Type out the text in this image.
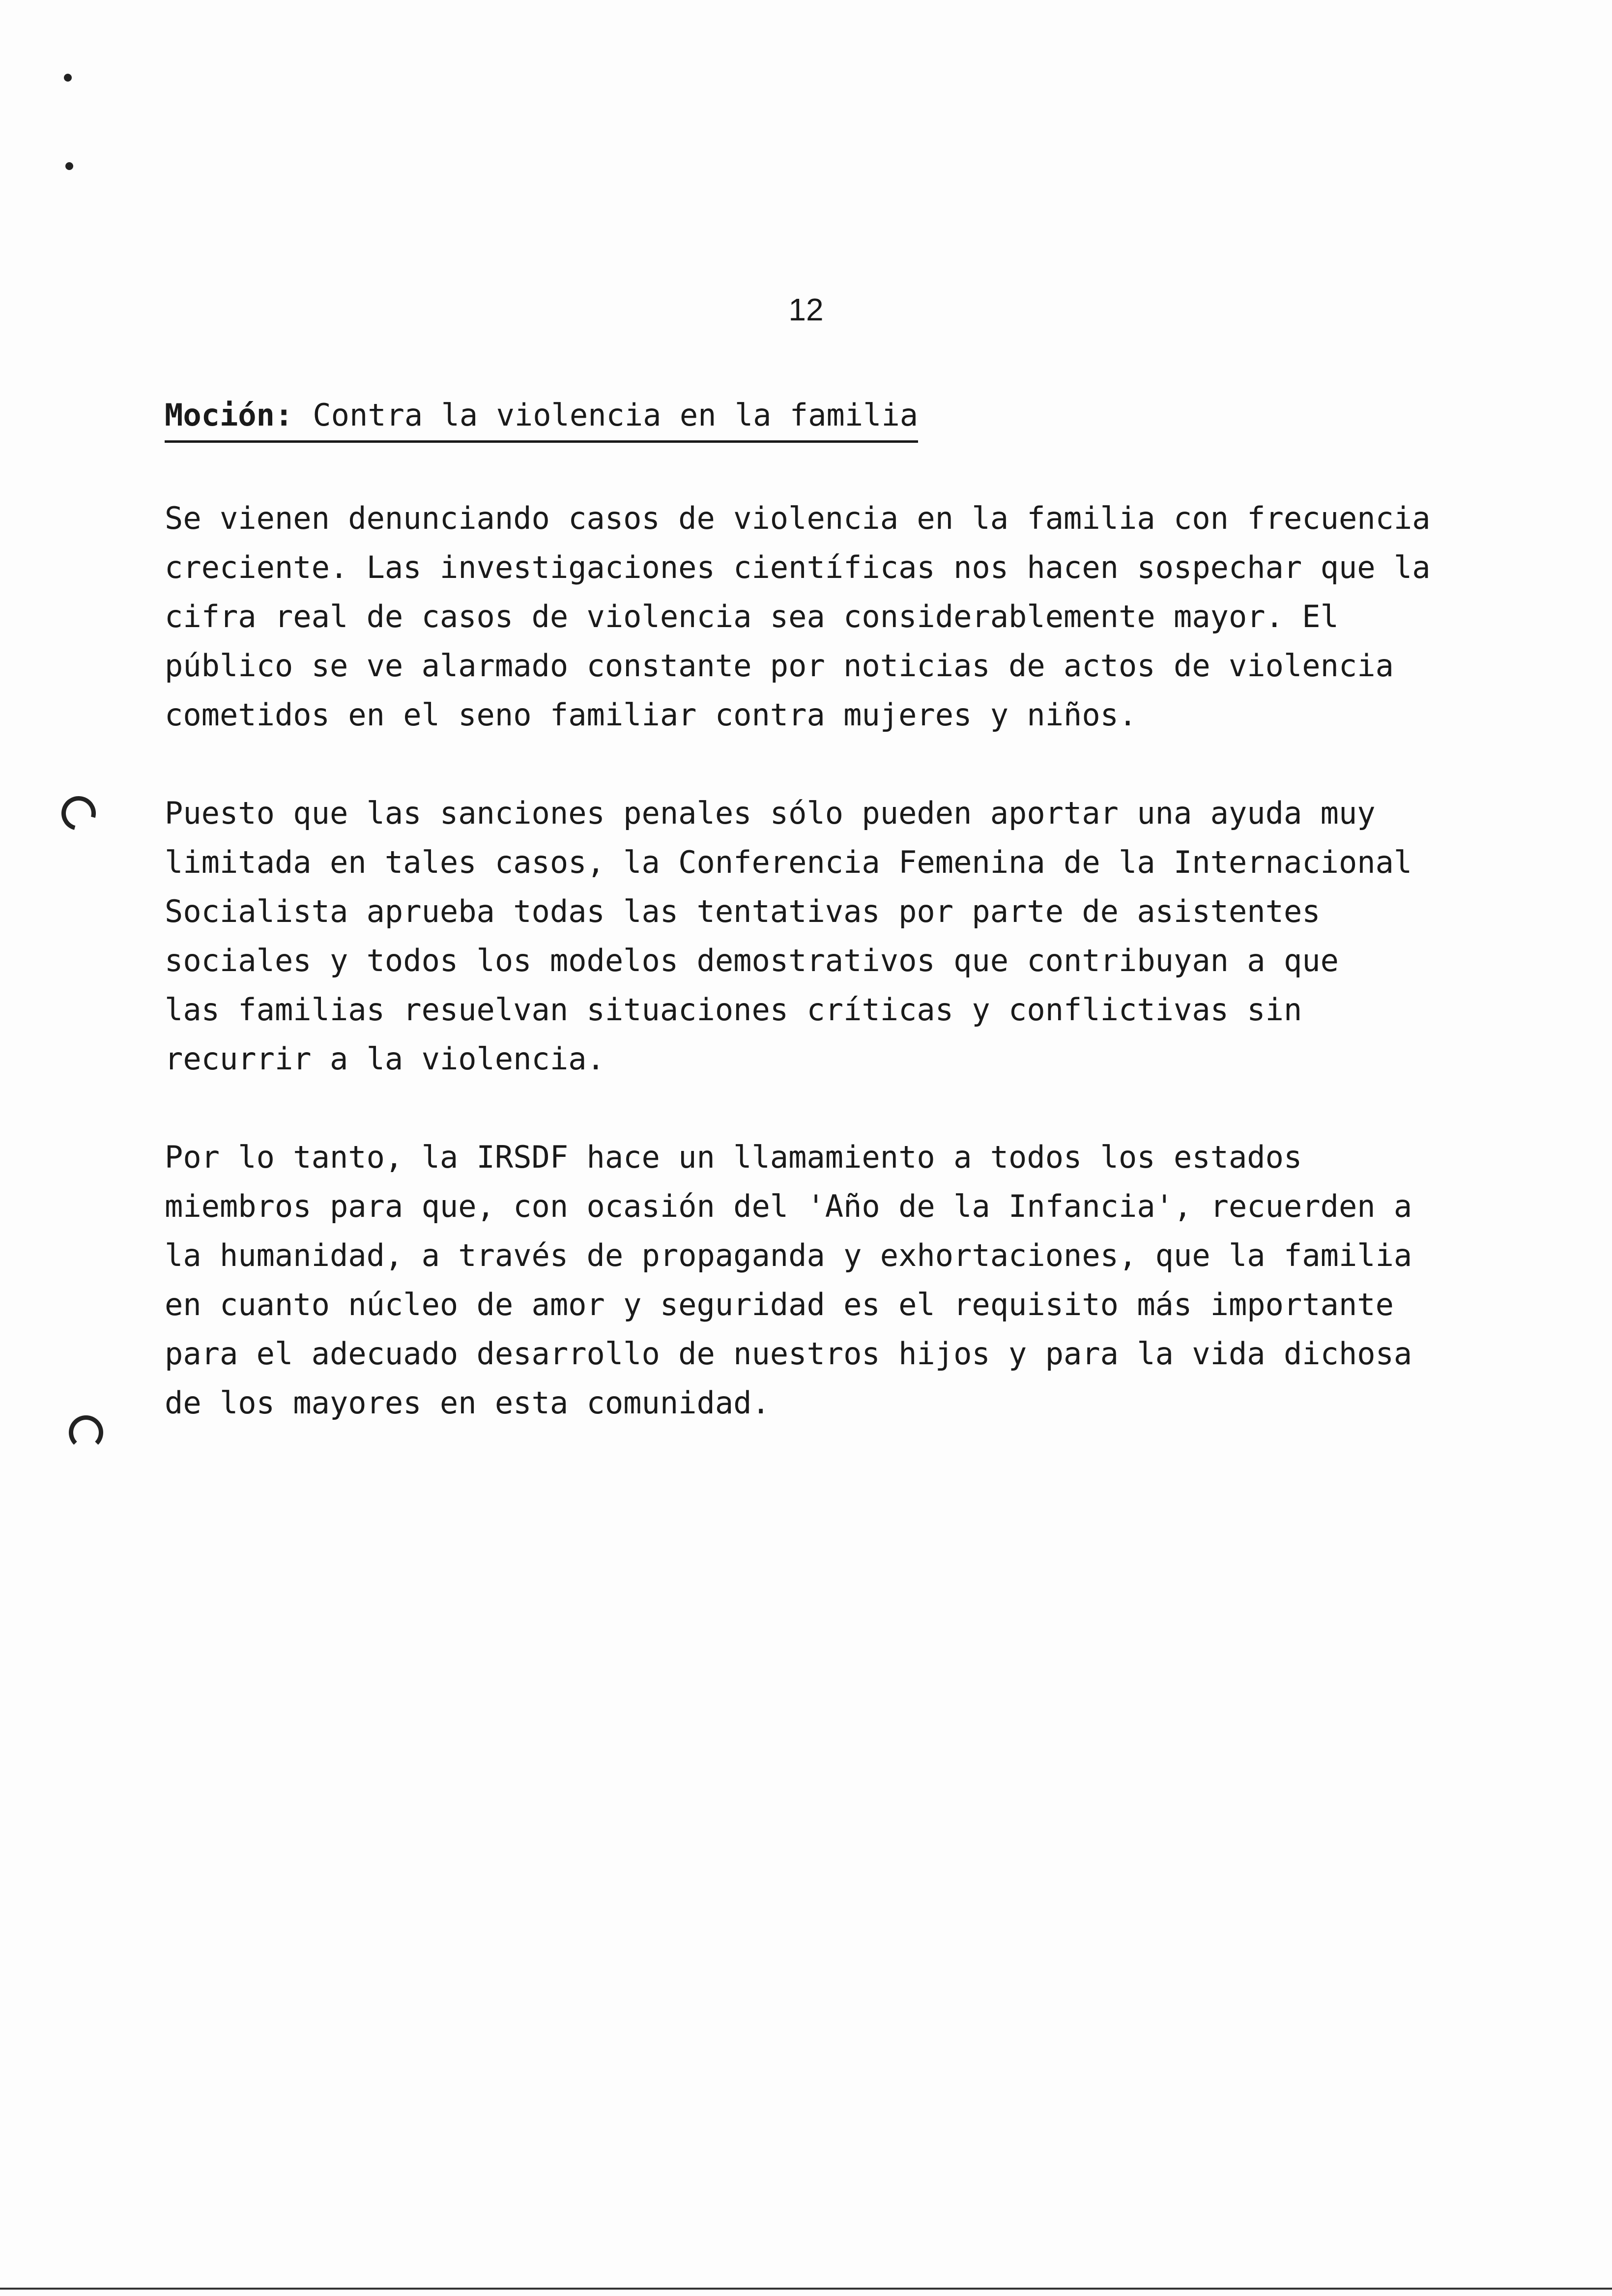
12
Moción: Contra la violencia en la familia

Se vienen denunciando casos de violencia en la familia con frecuencia
creciente. Las investigaciones científicas nos hacen sospechar que la
cifra real de casos de violencia sea considerablemente mayor. El
público se ve alarmado constante por noticias de actos de violencia
cometidos en el seno familiar contra mujeres y niños.

Puesto que las sanciones penales sólo pueden aportar una ayuda muy
limitada en tales casos, la Conferencia Femenina de la Internacional
Socialista aprueba todas las tentativas por parte de asistentes
sociales y todos los modelos demostrativos que contribuyan a que
las familias resuelvan situaciones críticas y conflictivas sin
recurrir a la violencia.

Por lo tanto, la IRSDF hace un llamamiento a todos los estados
miembros para que, con ocasión del 'Año de la Infancia', recuerden a
la humanidad, a través de propaganda y exhortaciones, que la familia
en cuanto núcleo de amor y seguridad es el requisito más importante
para el adecuado desarrollo de nuestros hijos y para la vida dichosa
de los mayores en esta comunidad.
